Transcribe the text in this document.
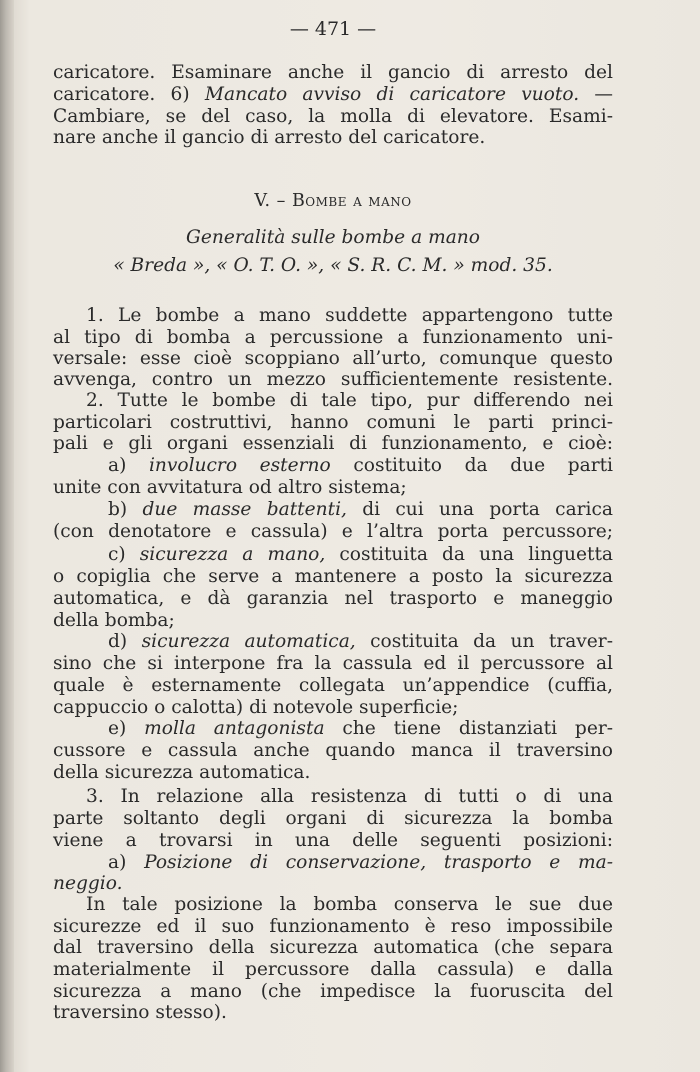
— 471 —
caricatore. Esaminare anche il gancio di arresto del
caricatore. 6) Mancato avviso di caricatore vuoto. —
Cambiare, se del caso, la molla di elevatore. Esami-
nare anche il gancio di arresto del caricatore.
V. – Bombe a mano
Generalità sulle bombe a mano
« Breda », « O. T. O. », « S. R. C. M. » mod. 35.
1. Le bombe a mano suddette appartengono tutte
al tipo di bomba a percussione a funzionamento uni-
versale: esse cioè scoppiano all’urto, comunque questo
avvenga, contro un mezzo sufficientemente resistente.
2. Tutte le bombe di tale tipo, pur differendo nei
particolari costruttivi, hanno comuni le parti princi-
pali e gli organi essenziali di funzionamento, e cioè:
a) involucro esterno costituito da due parti
unite con avvitatura od altro sistema;
b) due masse battenti, di cui una porta carica
(con denotatore e cassula) e l’altra porta percussore;
c) sicurezza a mano, costituita da una linguetta
o copiglia che serve a mantenere a posto la sicurezza
automatica, e dà garanzia nel trasporto e maneggio
della bomba;
d) sicurezza automatica, costituita da un traver-
sino che si interpone fra la cassula ed il percussore al
quale è esternamente collegata un’appendice (cuffia,
cappuccio o calotta) di notevole superficie;
e) molla antagonista che tiene distanziati per-
cussore e cassula anche quando manca il traversino
della sicurezza automatica.
3. In relazione alla resistenza di tutti o di una
parte soltanto degli organi di sicurezza la bomba
viene a trovarsi in una delle seguenti posizioni:
a) Posizione di conservazione, trasporto e ma-
neggio.
In tale posizione la bomba conserva le sue due
sicurezze ed il suo funzionamento è reso impossibile
dal traversino della sicurezza automatica (che separa
materialmente il percussore dalla cassula) e dalla
sicurezza a mano (che impedisce la fuoruscita del
traversino stesso).
